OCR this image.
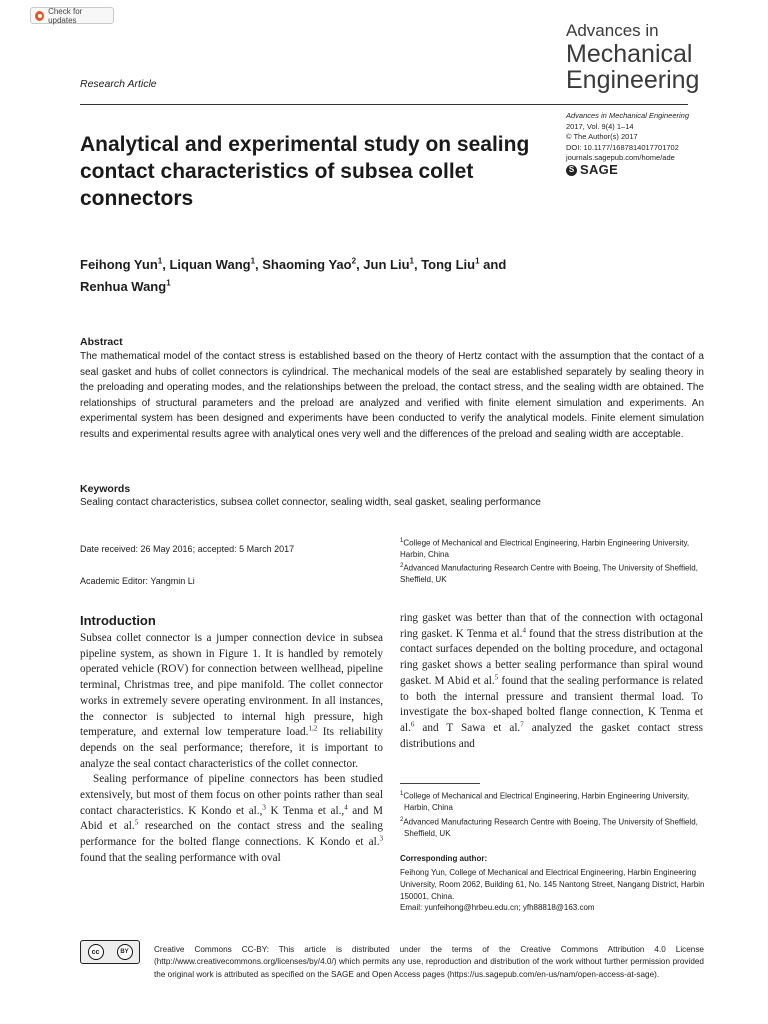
Check for updates
Advances in
Mechanical
Engineering
Research Article
Advances in Mechanical Engineering
2017, Vol. 9(4) 1–14
© The Author(s) 2017
DOI: 10.1177/1687814017701702
journals.sagepub.com/home/ade
S SAGE
Analytical and experimental study on sealing contact characteristics of subsea collet connectors
Feihong Yun$^1$, Liquan Wang$^1$, Shaoming Yao$^2$, Jun Liu$^1$, Tong Liu$^1$ and
Renhua Wang$^1$
Abstract
The mathematical model of the contact stress is established based on the theory of Hertz contact with the assumption that the contact of a seal gasket and hubs of collet connectors is cylindrical. The mechanical models of the seal are established separately by sealing theory in the preloading and operating modes, and the relationships between the preload, the contact stress, and the sealing width are obtained. The relationships of structural parameters and the preload are analyzed and verified with finite element simulation and experiments. An experimental system has been designed and experiments have been conducted to verify the analytical models. Finite element simulation results and experimental results agree with analytical ones very well and the differences of the preload and sealing width are acceptable.
Keywords
Sealing contact characteristics, subsea collet connector, sealing width, seal gasket, sealing performance
Date received: 26 May 2016; accepted: 5 March 2017
Academic Editor: Yangmin Li
$^1$College of Mechanical and Electrical Engineering, Harbin Engineering University, Harbin, China
$^2$Advanced Manufacturing Research Centre with Boeing, The University of Sheffield, Sheffield, UK
Introduction

Subsea collet connector is a jumper connection device in subsea pipeline system, as shown in Figure 1. It is handled by remotely operated vehicle (ROV) for connection between wellhead, pipeline terminal, Christmas tree, and pipe manifold. The collet connector works in extremely severe operating environment. In all instances, the connector is subjected to internal high pressure, high temperature, and external low temperature load.$^{1,2}$ Its reliability depends on the seal performance; therefore, it is important to analyze the seal contact characteristics of the collet connector.

Sealing performance of pipeline connectors has been studied extensively, but most of them focus on other points rather than seal contact characteristics. K Kondo et al.,$^3$ K Tenma et al.,$^4$ and M Abid et al.$^5$ researched on the contact stress and the sealing performance for the bolted flange connections. K Kondo et al.$^3$ found that the sealing performance with oval

ring gasket was better than that of the connection with octagonal ring gasket. K Tenma et al.$^4$ found that the stress distribution at the contact surfaces depended on the bolting procedure, and octagonal ring gasket shows a better sealing performance than spiral wound gasket. M Abid et al.$^5$ found that the sealing performance is related to both the internal pressure and transient thermal load. To investigate the box-shaped bolted flange connection, K Tenma et al.$^6$ and T Sawa et al.$^7$ analyzed the gasket contact stress distributions and

$^1$College of Mechanical and Electrical Engineering, Harbin Engineering University, Harbin, China
$^2$Advanced Manufacturing Research Centre with Boeing, The University of Sheffield, Sheffield, UK
Corresponding author:
Feihong Yun, College of Mechanical and Electrical Engineering, Harbin Engineering University, Room 2062, Building 61, No. 145 Nantong Street, Nangang District, Harbin 150001, China.
Email: yunfeihong@hrbeu.edu.cn; yfh88818@163.com
cc	BY	Creative Commons CC-BY: This article is distributed under the terms of the Creative Commons Attribution 4.0 License (http://www.creativecommons.org/licenses/by/4.0/) which permits any use, reproduction and distribution of the work without further permission provided the original work is attributed as specified on the SAGE and Open Access pages (https://us.sagepub.com/en-us/nam/open-access-at-sage).
